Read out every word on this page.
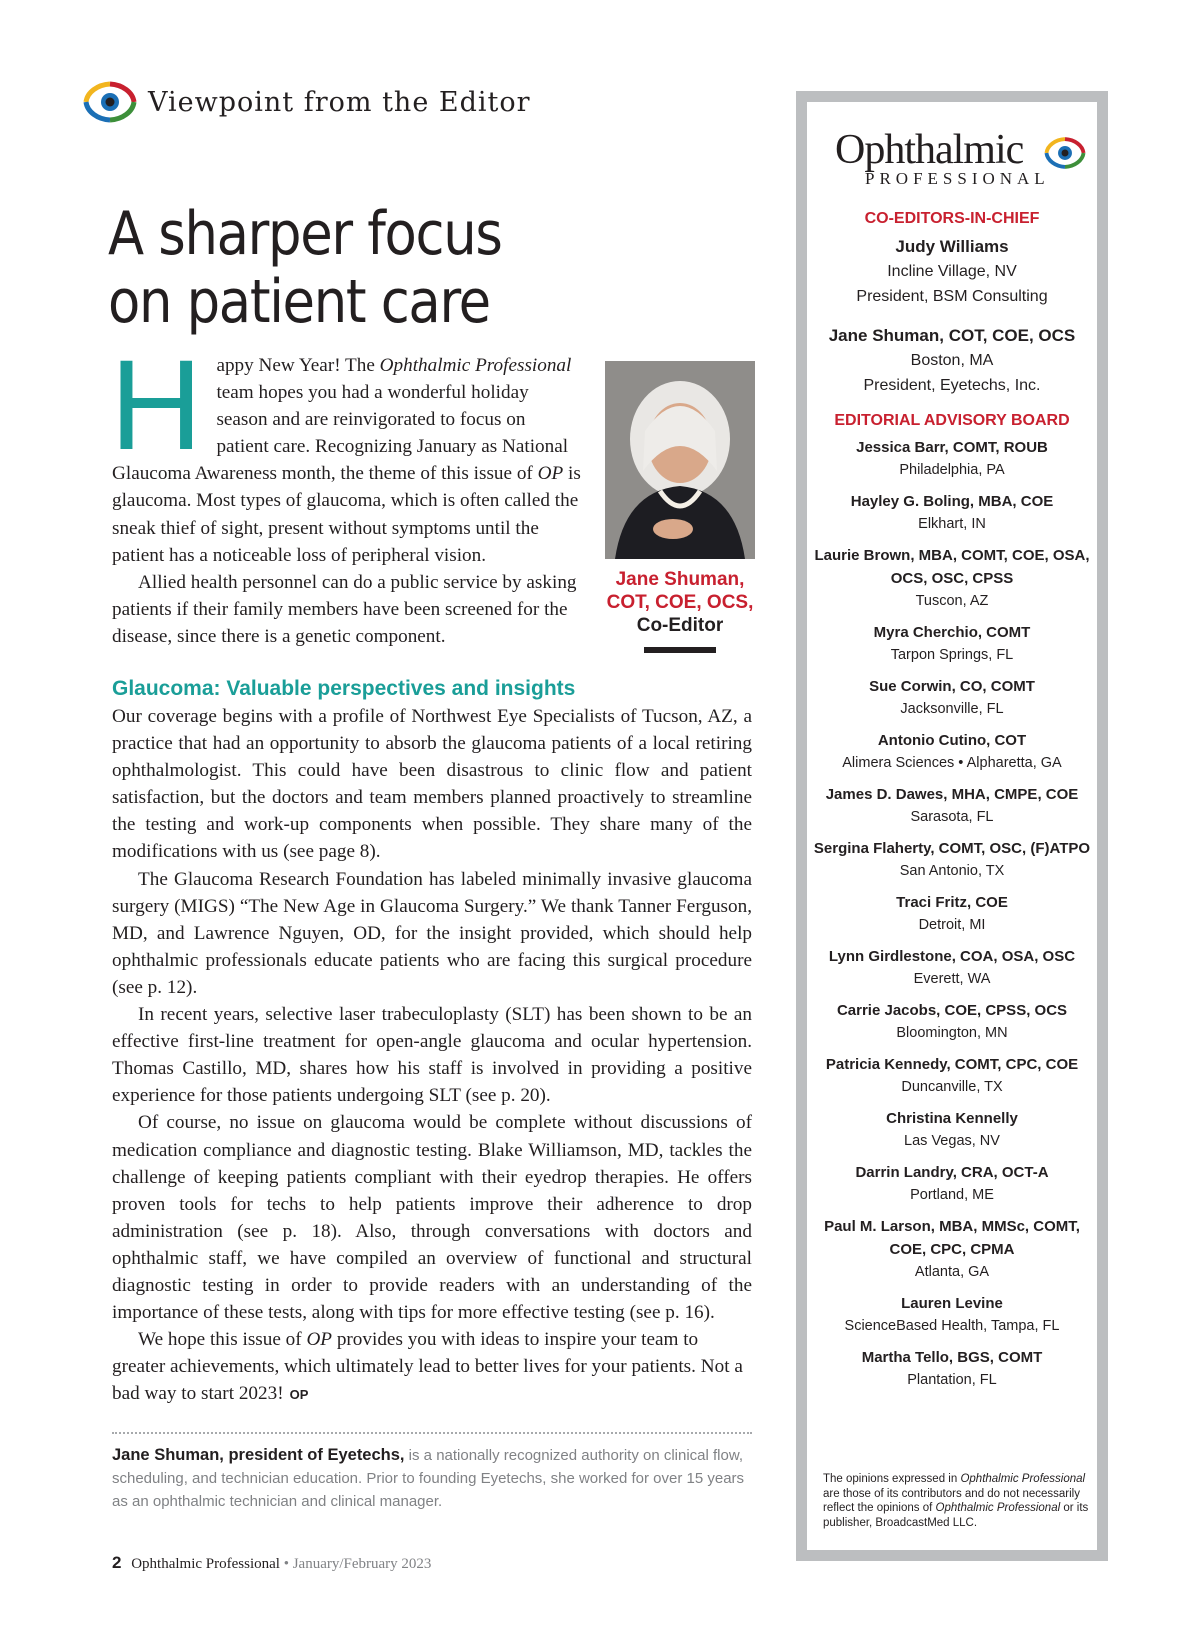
Viewpoint from the Editor
A sharper focus
on patient care
H appy New Year! The Ophthalmic Professional team hopes you had a wonderful holiday season and are reinvigorated to focus on patient care. Recognizing January as National Glaucoma Awareness month, the theme of this issue of OP is glaucoma. Most types of glaucoma, which is often called the sneak thief of sight, present without symptoms until the patient has a noticeable loss of peripheral vision.

Allied health personnel can do a public service by asking patients if their family members have been screened for the disease, since there is a genetic component.

Jane Shuman,
COT, COE, OCS,
Co-Editor
Glaucoma: Valuable perspectives and insights

Our coverage begins with a profile of Northwest Eye Specialists of Tucson, AZ, a practice that had an opportunity to absorb the glaucoma patients of a local retiring ophthalmologist. This could have been disastrous to clinic flow and patient satisfaction, but the doctors and team members planned proactively to streamline the testing and work-up components when possible. They share many of the modifications with us (see page 8).

The Glaucoma Research Foundation has labeled minimally invasive glaucoma surgery (MIGS) “The New Age in Glaucoma Surgery.” We thank Tanner Ferguson, MD, and Lawrence Nguyen, OD, for the insight provided, which should help ophthalmic professionals educate patients who are facing this surgical procedure (see p. 12).

In recent years, selective laser trabeculoplasty (SLT) has been shown to be an effective first-line treatment for open-angle glaucoma and ocular hypertension. Thomas Castillo, MD, shares how his staff is involved in providing a positive experience for those patients undergoing SLT (see p. 20).

Of course, no issue on glaucoma would be complete without discussions of medication compliance and diagnostic testing. Blake Williamson, MD, tackles the challenge of keeping patients compliant with their eyedrop therapies. He offers proven tools for techs to help patients improve their adherence to drop administration (see p. 18). Also, through conversations with doctors and ophthalmic staff, we have compiled an overview of functional and structural diagnostic testing in order to provide readers with an understanding of the importance of these tests, along with tips for more effective testing (see p. 16).

We hope this issue of OP provides you with ideas to inspire your team to greater achievements, which ultimately lead to better lives for your patients. Not a bad way to start 2023! OP

Jane Shuman, president of Eyetechs, is a nationally recognized authority on clinical flow, scheduling, and technician education. Prior to founding Eyetechs, she worked for over 15 years as an ophthalmic technician and clinical manager.
2 Ophthalmic Professional • January/February 2023
Ophthalmic
PROFESSIONAL
CO-EDITORS-IN-CHIEF
Judy Williams
Incline Village, NV
President, BSM Consulting
Jane Shuman, COT, COE, OCS
Boston, MA
President, Eyetechs, Inc.
EDITORIAL ADVISORY BOARD
Jessica Barr, COMT, ROUB
Philadelphia, PA
Hayley G. Boling, MBA, COE
Elkhart, IN
Laurie Brown, MBA, COMT, COE, OSA, OCS, OSC, CPSS
Tuscon, AZ
Myra Cherchio, COMT
Tarpon Springs, FL
Sue Corwin, CO, COMT
Jacksonville, FL
Antonio Cutino, COT
Alimera Sciences • Alpharetta, GA
James D. Dawes, MHA, CMPE, COE
Sarasota, FL
Sergina Flaherty, COMT, OSC, (F)ATPO
San Antonio, TX
Traci Fritz, COE
Detroit, MI
Lynn Girdlestone, COA, OSA, OSC
Everett, WA
Carrie Jacobs, COE, CPSS, OCS
Bloomington, MN
Patricia Kennedy, COMT, CPC, COE
Duncanville, TX
Christina Kennelly
Las Vegas, NV
Darrin Landry, CRA, OCT-A
Portland, ME
Paul M. Larson, MBA, MMSc, COMT, COE, CPC, CPMA
Atlanta, GA
Lauren Levine
ScienceBased Health, Tampa, FL
Martha Tello, BGS, COMT
Plantation, FL
The opinions expressed in Ophthalmic Professional are those of its contributors and do not necessarily reflect the opinions of Ophthalmic Professional or its publisher, BroadcastMed LLC.
